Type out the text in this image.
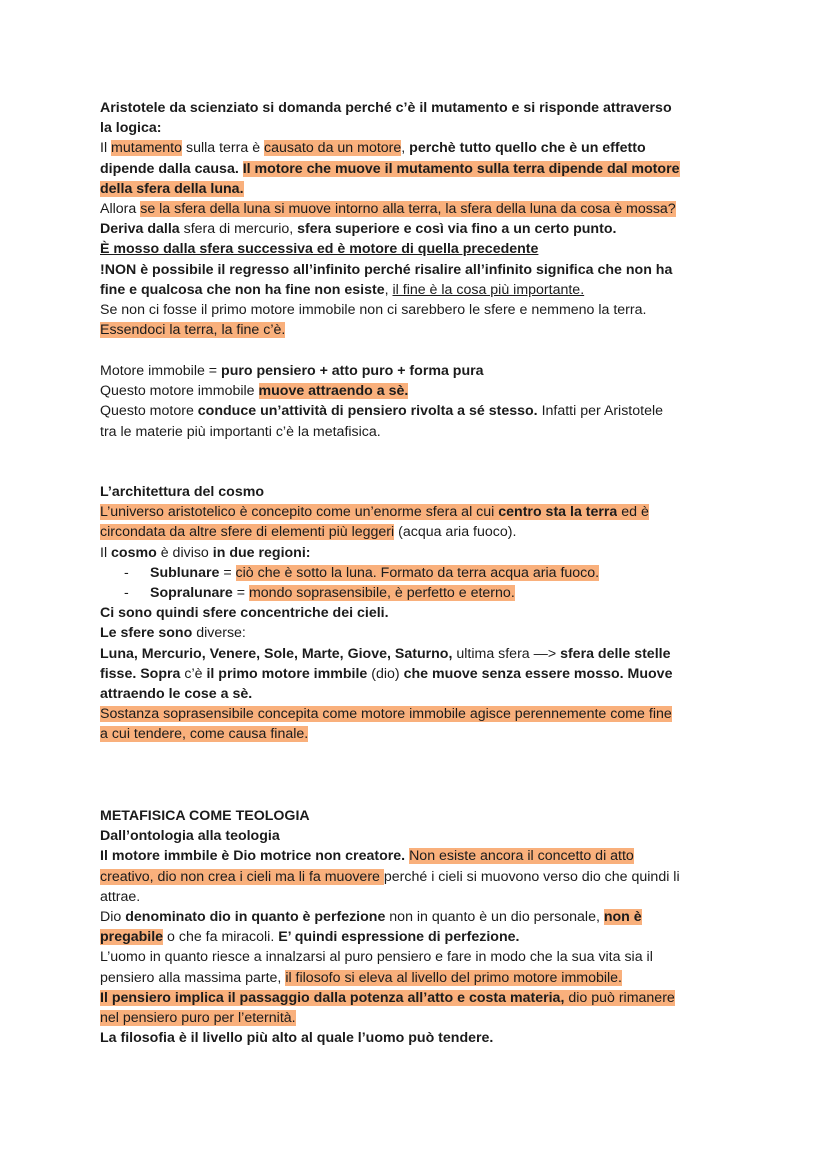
Aristotele da scienziato si domanda perché c’è il mutamento e si risponde attraverso
la logica:
Il mutamento sulla terra è causato da un motore, perchè tutto quello che è un effetto
dipende dalla causa. Il motore che muove il mutamento sulla terra dipende dal motore
della sfera della luna.
Allora se la sfera della luna si muove intorno alla terra, la sfera della luna da cosa è mossa?
Deriva dalla sfera di mercurio, sfera superiore e così via fino a un certo punto.
È mosso dalla sfera successiva ed è motore di quella precedente
!NON è possibile il regresso all’infinito perché risalire all’infinito significa che non ha
fine e qualcosa che non ha fine non esiste, il fine è la cosa più importante.
Se non ci fosse il primo motore immobile non ci sarebbero le sfere e nemmeno la terra.
Essendoci la terra, la fine c’è.
Motore immobile = puro pensiero + atto puro + forma pura
Questo motore immobile muove attraendo a sè.
Questo motore conduce un’attività di pensiero rivolta a sé stesso. Infatti per Aristotele
tra le materie più importanti c’è la metafisica.
L’architettura del cosmo
L’universo aristotelico è concepito come un’enorme sfera al cui centro sta la terra ed è
circondata da altre sfere di elementi più leggeri (acqua aria fuoco).
Il cosmo è diviso in due regioni:
- Sublunare = ciò che è sotto la luna. Formato da terra acqua aria fuoco.
- Sopralunare = mondo soprasensibile, è perfetto e eterno.
Ci sono quindi sfere concentriche dei cieli.
Le sfere sono diverse:
Luna, Mercurio, Venere, Sole, Marte, Giove, Saturno, ultima sfera —> sfera delle stelle
fisse. Sopra c’è il primo motore immbile (dio) che muove senza essere mosso. Muove
attraendo le cose a sè.
Sostanza soprasensibile concepita come motore immobile agisce perennemente come fine
a cui tendere, come causa finale.
METAFISICA COME TEOLOGIA
Dall’ontologia alla teologia
Il motore immbile è Dio motrice non creatore. Non esiste ancora il concetto di atto
creativo, dio non crea i cieli ma li fa muovere perché i cieli si muovono verso dio che quindi li
attrae.
Dio denominato dio in quanto è perfezione non in quanto è un dio personale, non è
pregabile o che fa miracoli. E’ quindi espressione di perfezione.
L’uomo in quanto riesce a innalzarsi al puro pensiero e fare in modo che la sua vita sia il
pensiero alla massima parte, il filosofo si eleva al livello del primo motore immobile.
Il pensiero implica il passaggio dalla potenza all’atto e costa materia, dio può rimanere
nel pensiero puro per l’eternità.
La filosofia è il livello più alto al quale l’uomo può tendere.
